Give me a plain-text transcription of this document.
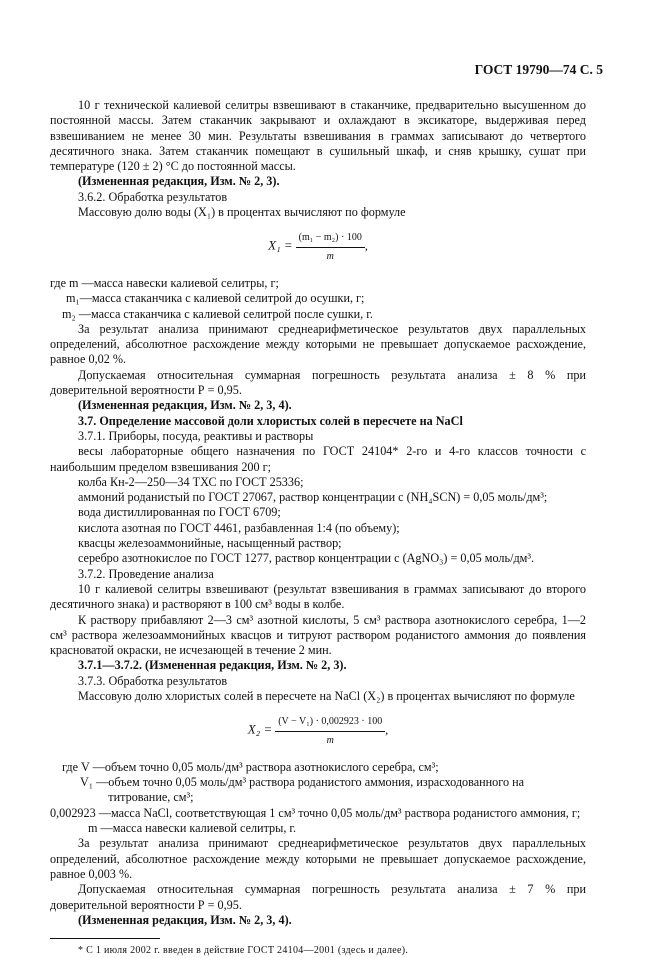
ГОСТ 19790—74 С. 5

10 г технической калиевой селитры взвешивают в стаканчике, предварительно высушенном до постоянной массы. Затем стаканчик закрывают и охлаждают в эксикаторе, выдерживая перед взвешиванием не менее 30 мин. Результаты взвешивания в граммах записывают до четвертого десятичного знака. Затем стаканчик помещают в сушильный шкаф, и сняв крышку, сушат при температуре (120 ± 2) °С до постоянной массы.

(Измененная редакция, Изм. № 2, 3).

3.6.2. Обработка результатов

Массовую долю воды (X₁) в процентах вычисляют по формуле

$X_1 = \frac{\text{(m₁ − m₂) · 100}}{m}$ ,
где m — масса навески калиевой селитры, г;
m₁— масса стаканчика с калиевой селитрой до осушки, г;
m₂ — масса стаканчика с калиевой селитрой после сушки, г.

За результат анализа принимают среднеарифметическое результатов двух параллельных определений, абсолютное расхождение между которыми не превышает допускаемое расхождение, равное 0,02 %.

Допускаемая относительная суммарная погрешность результата анализа ± 8 % при доверительной вероятности Р = 0,95.

(Измененная редакция, Изм. № 2, 3, 4).

3.7. Определение массовой доли хлористых солей в пересчете на NaCl

3.7.1. Приборы, посуда, реактивы и растворы

весы лабораторные общего назначения по ГОСТ 24104* 2-го и 4-го классов точности с наибольшим пределом взвешивания 200 г;

колба Кн-2—250—34 ТХС по ГОСТ 25336;

аммоний роданистый по ГОСТ 27067, раствор концентрации с (NH₄SCN) = 0,05 моль/дм³;

вода дистиллированная по ГОСТ 6709;

кислота азотная по ГОСТ 4461, разбавленная 1:4 (по объему);

квасцы железоаммонийные, насыщенный раствор;

серебро азотнокислое по ГОСТ 1277, раствор концентрации с (AgNO₃) = 0,05 моль/дм³.

3.7.2. Проведение анализа

10 г калиевой селитры взвешивают (результат взвешивания в граммах записывают до второго десятичного знака) и растворяют в 100 см³ воды в колбе.

К раствору прибавляют 2—3 см³ азотной кислоты, 5 см³ раствора азотнокислого серебра, 1—2 см³ раствора железоаммонийных квасцов и титруют раствором роданистого аммония до появления красноватой окраски, не исчезающей в течение 2 мин.

3.7.1—3.7.2. (Измененная редакция, Изм. № 2, 3).

3.7.3. Обработка результатов

Массовую долю хлористых солей в пересчете на NaCl (X₂) в процентах вычисляют по формуле

$X_2 = \frac{\text{(V − V₁) · 0,002923 · 100}}{m}$ ,
где V — объем точно 0,05 моль/дм³ раствора азотнокислого серебра, см³;
V₁ — объем точно 0,05 моль/дм³ раствора роданистого аммония, израсходованного на титрование, см³;
0,002923 — масса NaCl, соответствующая 1 см³ точно 0,05 моль/дм³ раствора роданистого аммония, г;
m — масса навески калиевой селитры, г.

За результат анализа принимают среднеарифметическое результатов двух параллельных определений, абсолютное расхождение между которыми не превышает допускаемое расхождение, равное 0,003 %.

Допускаемая относительная суммарная погрешность результата анализа ± 7 % при доверительной вероятности Р = 0,95.

(Измененная редакция, Изм. № 2, 3, 4).

* С 1 июля 2002 г. введен в действие ГОСТ 24104—2001 (здесь и далее).
